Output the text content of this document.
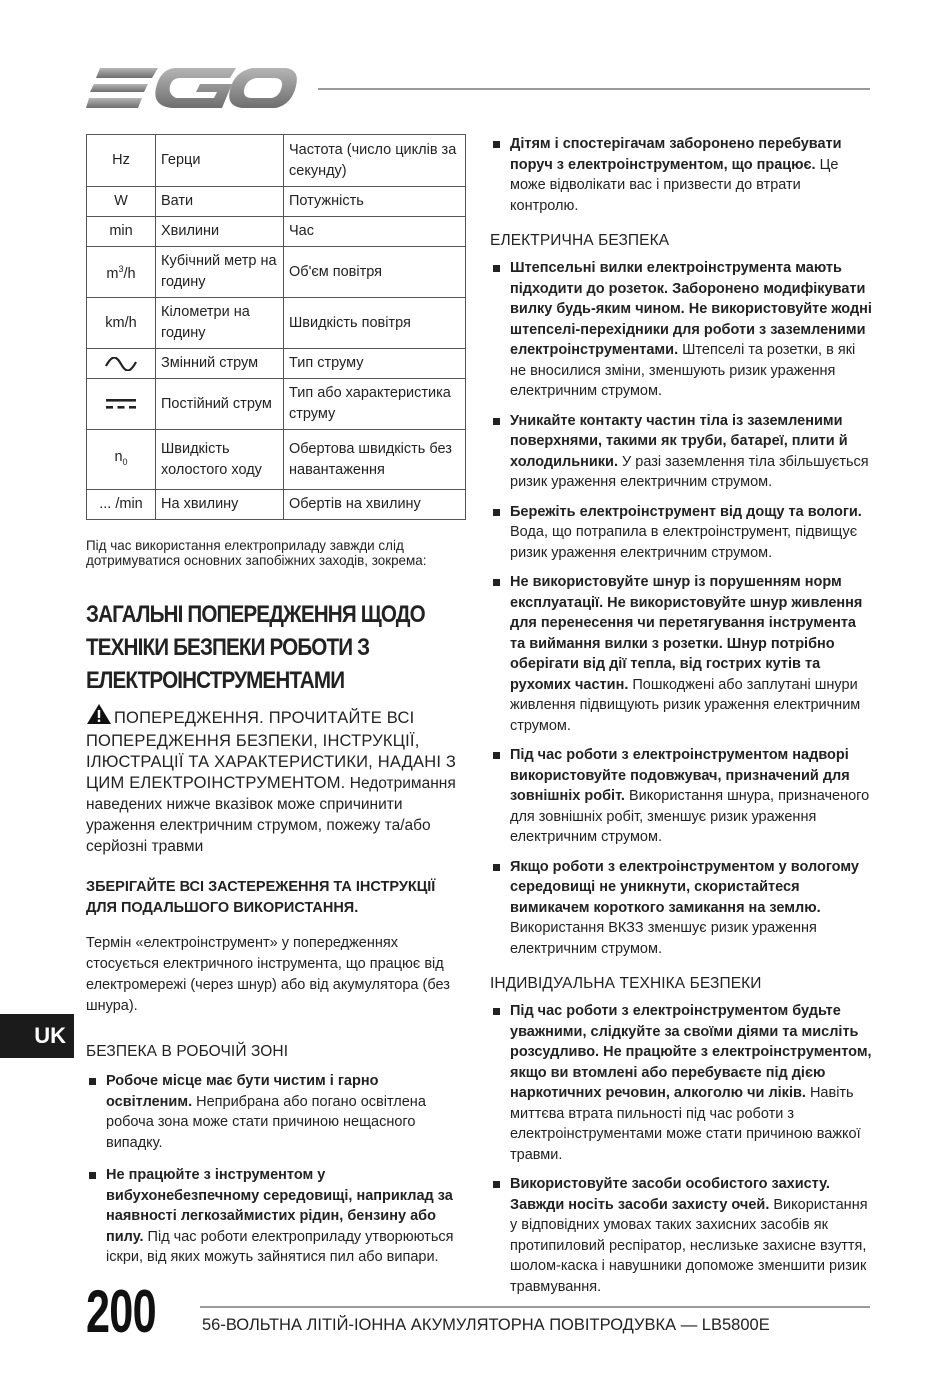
Hz	Герци	Частота (число циклів за секунду)
W	Вати	Потужність
min	Хвилини	Час
$m^3/h$	Кубічний метр на годину	Об'єм повітря
km/h	Кілометри на годину	Швидкість повітря

	Змінний струм	Тип струму

	Постійний струм	Тип або характеристика струму
$n_0$	Швидкість холостого ходу	Обертова швидкість без навантаження
... /min	На хвилину	Обертів на хвилину
Під час використання електроприладу завжди слід дотримуватися основних запобіжних заходів, зокрема:
ЗАГАЛЬНІ ПОПЕРЕДЖЕННЯ ЩОДО ТЕХНІКИ БЕЗПЕКИ РОБОТИ З ЕЛЕКТРОІНСТРУМЕНТАМИ
ПОПЕРЕДЖЕННЯ. ПРОЧИТАЙТЕ ВСІ ПОПЕРЕДЖЕННЯ БЕЗПЕКИ, ІНСТРУКЦІЇ, ІЛЮСТРАЦІЇ ТА ХАРАКТЕРИСТИКИ, НАДАНІ З ЦИМ ЕЛЕКТРОІНСТРУМЕНТОМ. Недотримання наведених нижче вказівок може спричинити ураження електричним струмом, пожежу та/або серйозні травми
ЗБЕРІГАЙТЕ ВСІ ЗАСТЕРЕЖЕННЯ ТА ІНСТРУКЦІЇ ДЛЯ ПОДАЛЬШОГО ВИКОРИСТАННЯ.
Термін «електроінструмент» у попередженнях стосується електричного інструмента, що працює від електромережі (через шнур) або від акумулятора (без шнура).
БЕЗПЕКА В РОБОЧІЙ ЗОНІ
Робоче місце має бути чистим і гарно освітленим. Неприбрана або погано освітлена робоча зона може стати причиною нещасного випадку.
Не працюйте з інструментом у вибухонебезпечному середовищі, наприклад за наявності легкозаймистих рідин, бензину або пилу. Під час роботи електроприладу утворюються іскри, від яких можуть зайнятися пил або випари.
Дітям і спостерігачам заборонено перебувати поруч з електроінструментом, що працює. Це може відволікати вас і призвести до втрати контролю.
ЕЛЕКТРИЧНА БЕЗПЕКА
Штепсельні вилки електроінструмента мають підходити до розеток. Заборонено модифікувати вилку будь-яким чином. Не використовуйте жодні штепселі-перехідники для роботи з заземленими електроінструментами. Штепселі та розетки, в які не вносилися зміни, зменшують ризик ураження електричним струмом.
Уникайте контакту частин тіла із заземленими поверхнями, такими як труби, батареї, плити й холодильники. У разі заземлення тіла збільшується ризик ураження електричним струмом.
Бережіть електроінструмент від дощу та вологи. Вода, що потрапила в електроінструмент, підвищує ризик ураження електричним струмом.
Не використовуйте шнур із порушенням норм експлуатації. Не використовуйте шнур живлення для перенесення чи перетягування інструмента та виймання вилки з розетки. Шнур потрібно оберігати від дії тепла, від гострих кутів та рухомих частин. Пошкоджені або заплутані шнури живлення підвищують ризик ураження електричним струмом.
Під час роботи з електроінструментом надворі використовуйте подовжувач, призначений для зовнішніх робіт. Використання шнура, призначеного для зовнішніх робіт, зменшує ризик ураження електричним струмом.
Якщо роботи з електроінструментом у вологому середовищі не уникнути, скористайтеся вимикачем короткого замикання на землю. Використання ВКЗЗ зменшує ризик ураження електричним струмом.
ІНДИВІДУАЛЬНА ТЕХНІКА БЕЗПЕКИ
Під час роботи з електроінструментом будьте уважними, слідкуйте за своїми діями та мисліть розсудливо. Не працюйте з електроінструментом, якщо ви втомлені або перебуваєте під дією наркотичних речовин, алкоголю чи ліків. Навіть миттєва втрата пильності під час роботи з електроінструментами може стати причиною важкої травми.
Використовуйте засоби особистого захисту. Завжди носіть засоби захисту очей. Використання у відповідних умовах таких захисних засобів як протипиловий респіратор, неслизьке захисне взуття, шолом-каска і навушники допоможе зменшити ризик травмування.
UK
200	56-ВОЛЬТНА ЛІТІЙ-ІОННА АКУМУЛЯТОРНА ПОВІТРОДУВКА — LB5800E
